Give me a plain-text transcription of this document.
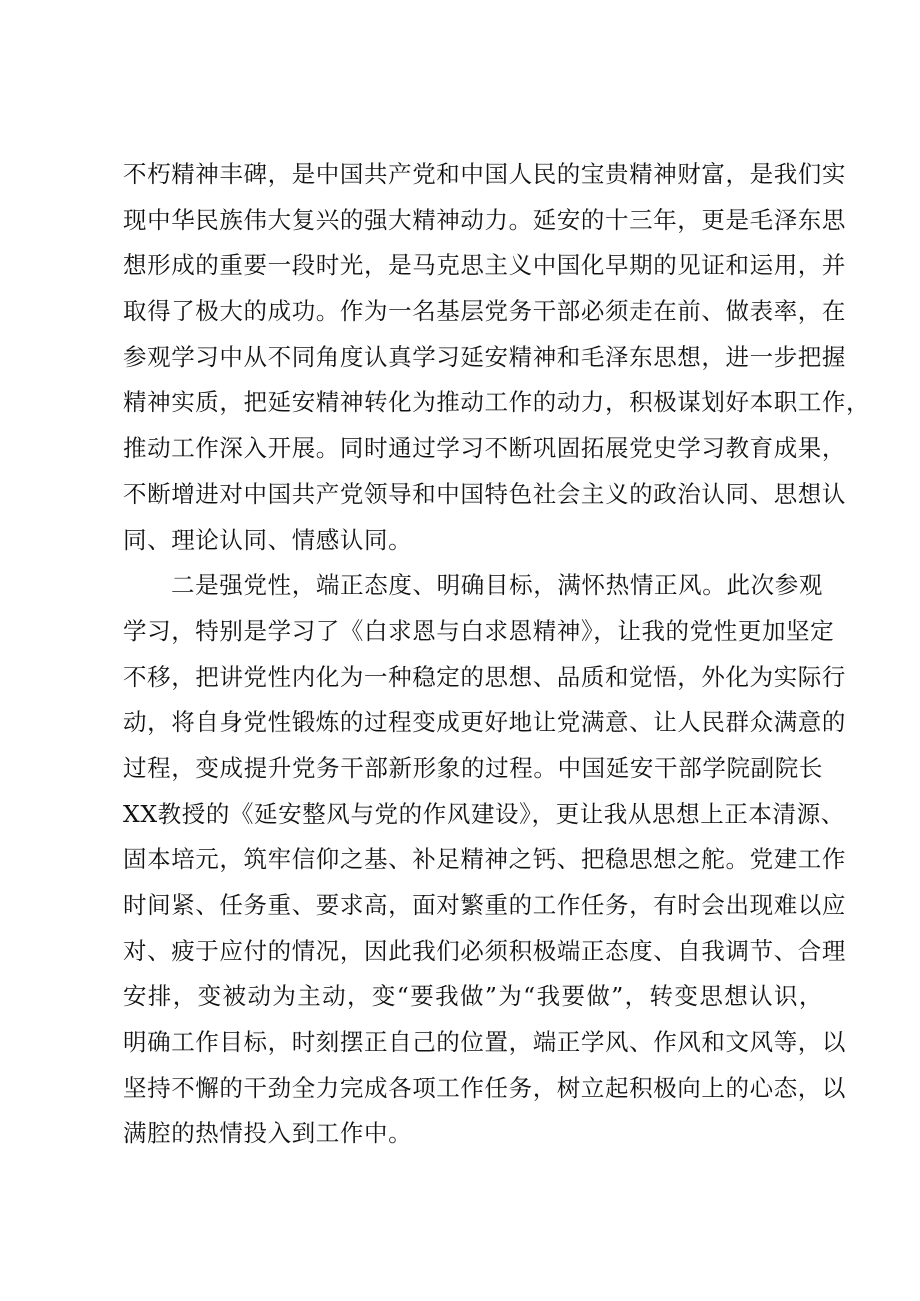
不朽精神丰碑，是中国共产党和中国人民的宝贵精神财富，是我们实
现中华民族伟大复兴的强大精神动力。延安的十三年，更是毛泽东思
想形成的重要一段时光，是马克思主义中国化早期的见证和运用，并
取得了极大的成功。作为一名基层党务干部必须走在前、做表率，在
参观学习中从不同角度认真学习延安精神和毛泽东思想，进一步把握
精神实质，把延安精神转化为推动工作的动力，积极谋划好本职工作，
推动工作深入开展。同时通过学习不断巩固拓展党史学习教育成果，
不断增进对中国共产党领导和中国特色社会主义的政治认同、思想认
同、理论认同、情感认同。
二是强党性，端正态度、明确目标，满怀热情正风。此次参观
学习，特别是学习了《白求恩与白求恩精神》，让我的党性更加坚定
不移，把讲党性内化为一种稳定的思想、品质和觉悟，外化为实际行
动，将自身党性锻炼的过程变成更好地让党满意、让人民群众满意的
过程，变成提升党务干部新形象的过程。中国延安干部学院副院长
XX教授的《延安整风与党的作风建设》，更让我从思想上正本清源、
固本培元，筑牢信仰之基、补足精神之钙、把稳思想之舵。党建工作
时间紧、任务重、要求高，面对繁重的工作任务，有时会出现难以应
对、疲于应付的情况，因此我们必须积极端正态度、自我调节、合理
安排，变被动为主动，变“要我做”为“我要做”，转变思想认识，
明确工作目标，时刻摆正自己的位置，端正学风、作风和文风等，以
坚持不懈的干劲全力完成各项工作任务，树立起积极向上的心态，以
满腔的热情投入到工作中。
